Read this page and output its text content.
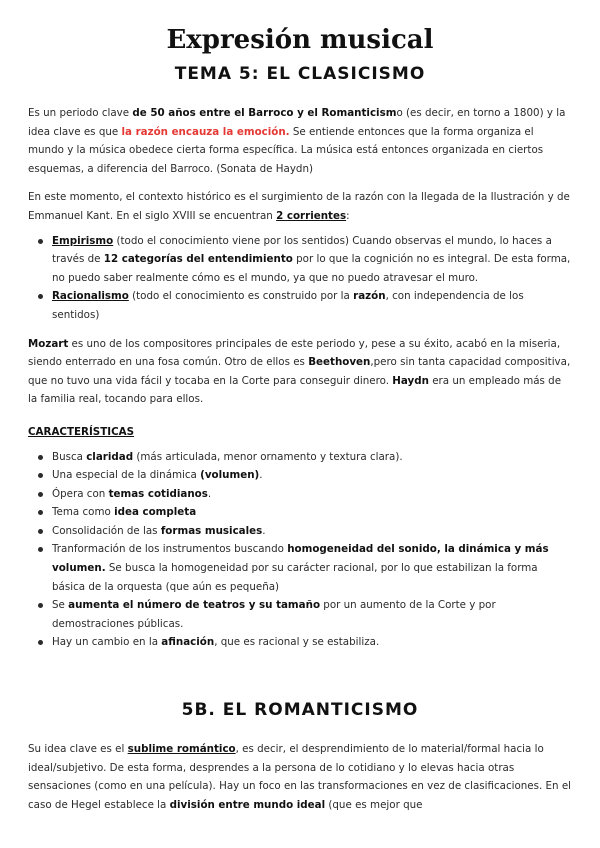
Expresión musical
TEMA 5: EL CLASICISMO

Es un periodo clave de 50 años entre el Barroco y el Romanticismo (es decir, en torno a 1800) y la idea clave es que la razón encauza la emoción. Se entiende entonces que la forma organiza el mundo y la música obedece cierta forma específica. La música está entonces organizada en ciertos esquemas, a diferencia del Barroco. (Sonata de Haydn)

En este momento, el contexto histórico es el surgimiento de la razón con la llegada de la Ilustración y de Emmanuel Kant. En el siglo XVIII se encuentran 2 corrientes:

Empirismo (todo el conocimiento viene por los sentidos) Cuando observas el mundo, lo haces a través de 12 categorías del entendimiento por lo que la cognición no es integral. De esta forma, no puedo saber realmente cómo es el mundo, ya que no puedo atravesar el muro.
Racionalismo (todo el conocimiento es construido por la razón, con independencia de los sentidos)

Mozart es uno de los compositores principales de este periodo y, pese a su éxito, acabó en la miseria, siendo enterrado en una fosa común. Otro de ellos es Beethoven,pero sin tanta capacidad compositiva, que no tuvo una vida fácil y tocaba en la Corte para conseguir dinero. Haydn era un empleado más de la familia real, tocando para ellos.

CARACTERÍSTICAS

Busca claridad (más articulada, menor ornamento y textura clara).
Una especial de la dinámica (volumen).
Ópera con temas cotidianos.
Tema como idea completa
Consolidación de las formas musicales.
Tranformación de los instrumentos buscando homogeneidad del sonido, la dinámica y más volumen. Se busca la homogeneidad por su carácter racional, por lo que estabilizan la forma básica de la orquesta (que aún es pequeña)
Se aumenta el número de teatros y su tamaño por un aumento de la Corte y por demostraciones públicas.
Hay un cambio en la afinación, que es racional y se estabiliza.
5B. EL ROMANTICISMO

Su idea clave es el sublime romántico, es decir, el desprendimiento de lo material/formal hacia lo ideal/subjetivo. De esta forma, desprendes a la persona de lo cotidiano y lo elevas hacia otras sensaciones (como en una película). Hay un foco en las transformaciones en vez de clasificaciones. En el caso de Hegel establece la división entre mundo ideal (que es mejor que
